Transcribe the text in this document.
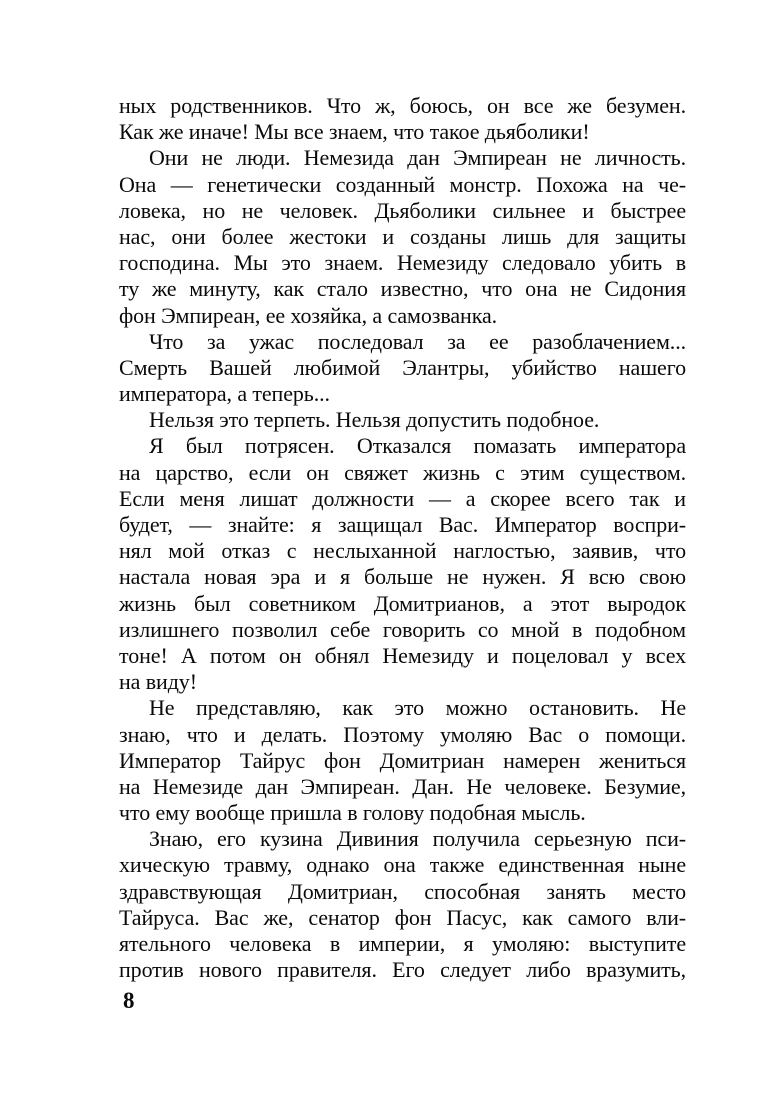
ных родственников. Что ж, боюсь, он все же безумен.
Как же иначе! Мы все знаем, что такое дьяболики!
Они не люди. Немезида дан Эмпиреан не личность.
Она — генетически созданный монстр. Похожа на че-
ловека, но не человек. Дьяболики сильнее и быстрее
нас, они более жестоки и созданы лишь для защиты
господина. Мы это знаем. Немезиду следовало убить в
ту же минуту, как стало известно, что она не Сидония
фон Эмпиреан, ее хозяйка, а самозванка.
Что за ужас последовал за ее разоблачением...
Смерть Вашей любимой Элантры, убийство нашего
императора, а теперь...
Нельзя это терпеть. Нельзя допустить подобное.
Я был потрясен. Отказался помазать императора
на царство, если он свяжет жизнь с этим существом.
Если меня лишат должности — а скорее всего так и
будет, — знайте: я защищал Вас. Император воспри-
нял мой отказ с неслыханной наглостью, заявив, что
настала новая эра и я больше не нужен. Я всю свою
жизнь был советником Домитрианов, а этот выродок
излишнего позволил себе говорить со мной в подобном
тоне! А потом он обнял Немезиду и поцеловал у всех
на виду!
Не представляю, как это можно остановить. Не
знаю, что и делать. Поэтому умоляю Вас о помощи.
Император Тайрус фон Домитриан намерен жениться
на Немезиде дан Эмпиреан. Дан. Не человеке. Безумие,
что ему вообще пришла в голову подобная мысль.
Знаю, его кузина Дивиния получила серьезную пси-
хическую травму, однако она также единственная ныне
здравствующая Домитриан, способная занять место
Тайруса. Вас же, сенатор фон Пасус, как самого вли-
ятельного человека в империи, я умоляю: выступите
против нового правителя. Его следует либо вразумить,
8
